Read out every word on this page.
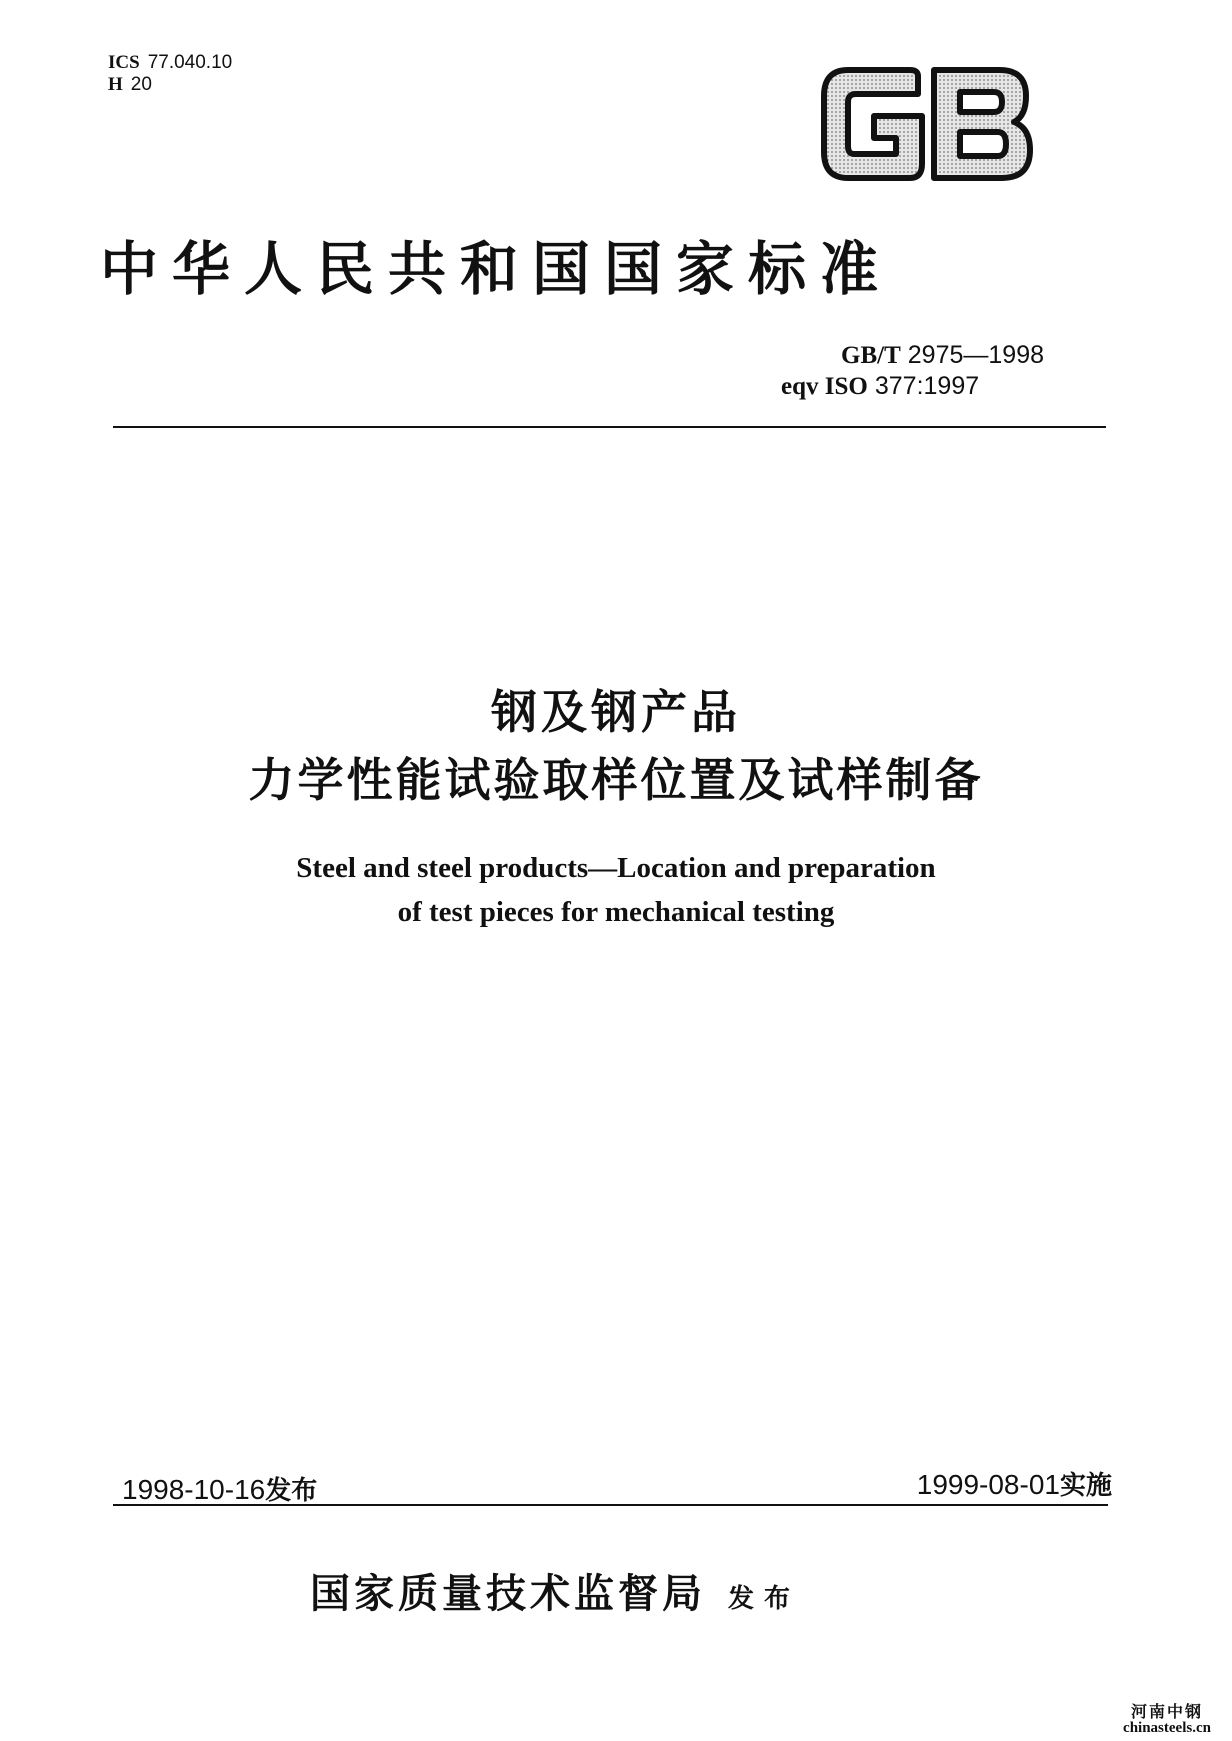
ICS 77.040.10
H 20
中华人民共和国国家标准
GB/T 2975—1998
eqv ISO 377:1997
钢及钢产品
力学性能试验取样位置及试样制备
Steel and steel products—Location and preparation
of test pieces for mechanical testing
1998-10-16发布	1999-08-01实施
国家质量技术监督局 发布
河南中钢
chinasteels.cn
